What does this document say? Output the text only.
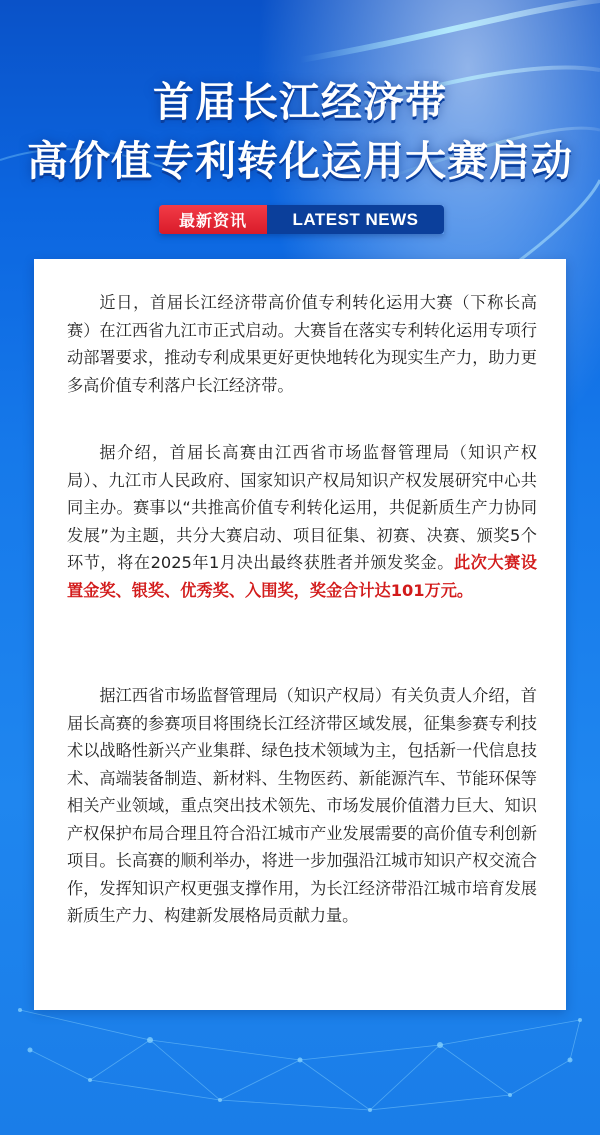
首届长江经济带
高价值专利转化运用大赛启动
最新资讯	LATEST NEWS

近日，首届长江经济带高价值专利转化运用大赛（下称长高赛）在江西省九江市正式启动。大赛旨在落实专利转化运用专项行动部署要求，推动专利成果更好更快地转化为现实生产力，助力更多高价值专利落户长江经济带。

据介绍，首届长高赛由江西省市场监督管理局（知识产权局）、九江市人民政府、国家知识产权局知识产权发展研究中心共同主办。赛事以“共推高价值专利转化运用，共促新质生产力协同发展”为主题，共分大赛启动、项目征集、初赛、决赛、颁奖5个环节，将在2025年1月决出最终获胜者并颁发奖金。此次大赛设置金奖、银奖、优秀奖、入围奖，奖金合计达101万元。

据江西省市场监督管理局（知识产权局）有关负责人介绍，首届长高赛的参赛项目将围绕长江经济带区域发展，征集参赛专利技术以战略性新兴产业集群、绿色技术领域为主，包括新一代信息技术、高端装备制造、新材料、生物医药、新能源汽车、节能环保等相关产业领域，重点突出技术领先、市场发展价值潜力巨大、知识产权保护布局合理且符合沿江城市产业发展需要的高价值专利创新项目。长高赛的顺利举办，将进一步加强沿江城市知识产权交流合作，发挥知识产权更强支撑作用，为长江经济带沿江城市培育发展新质生产力、构建新发展格局贡献力量。
